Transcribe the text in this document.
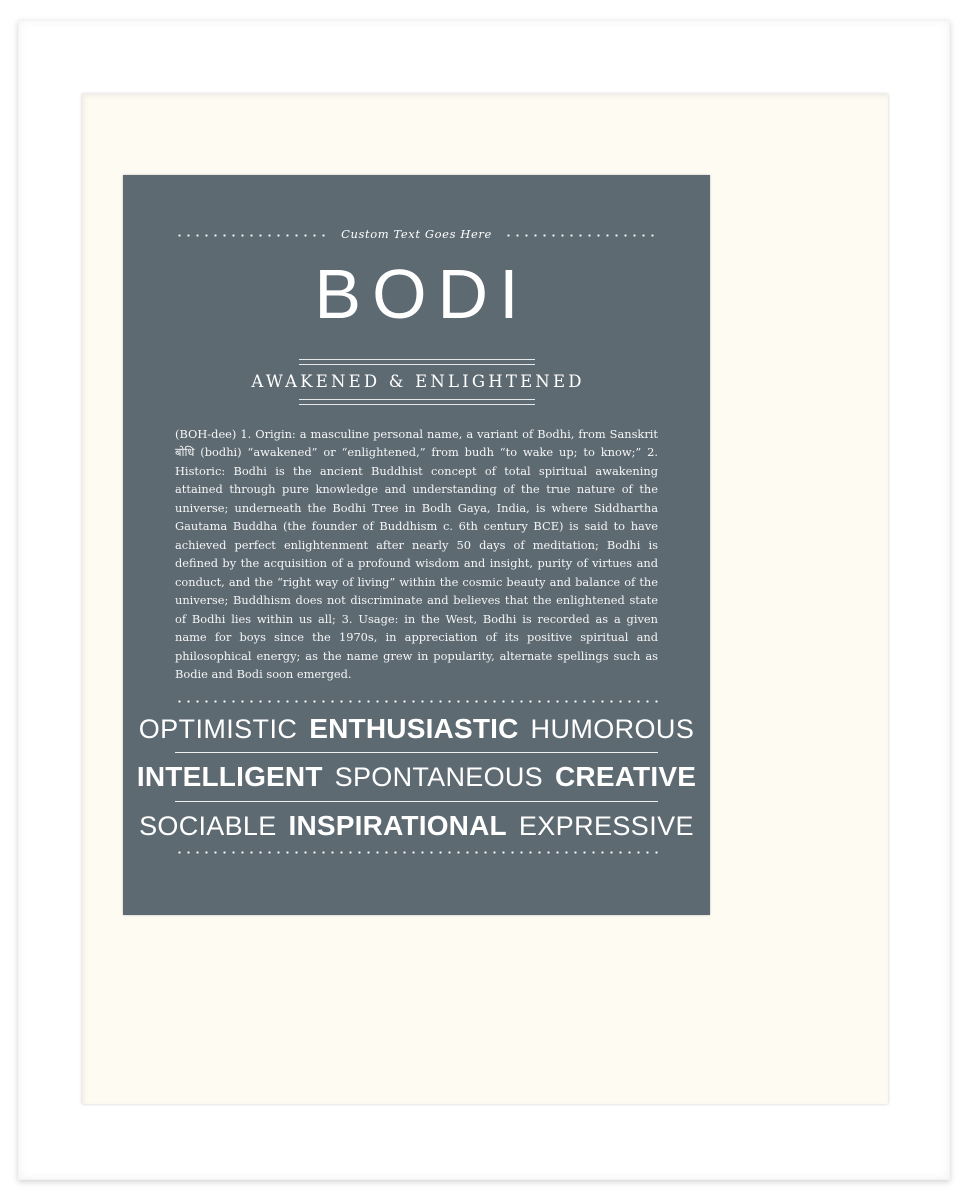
Custom Text Goes Here
BODI
AWAKENED & ENLIGHTENED
(BOH-dee) 1. Origin: a masculine personal name, a variant of Bodhi, from Sanskrit बोधि (bodhi) “awakened” or “enlightened,” from budh “to wake up; to know;” 2. Historic: Bodhi is the ancient Buddhist concept of total spiritual awakening attained through pure knowledge and understanding of the true nature of the universe; underneath the Bodhi Tree in Bodh Gaya, India, is where Siddhartha Gautama Buddha (the founder of Buddhism c. 6th century BCE) is said to have achieved perfect enlightenment after nearly 50 days of meditation; Bodhi is defined by the acquisition of a profound wisdom and insight, purity of virtues and conduct, and the “right way of living” within the cosmic beauty and balance of the universe; Buddhism does not discriminate and believes that the enlightened state of Bodhi lies within us all; 3. Usage: in the West, Bodhi is recorded as a given name for boys since the 1970s, in appreciation of its positive spiritual and philosophical energy; as the name grew in popularity, alternate spellings such as Bodie and Bodi soon emerged.
OPTIMISTIC ENTHUSIASTIC HUMOROUS
INTELLIGENT SPONTANEOUS CREATIVE
SOCIABLE INSPIRATIONAL EXPRESSIVE
